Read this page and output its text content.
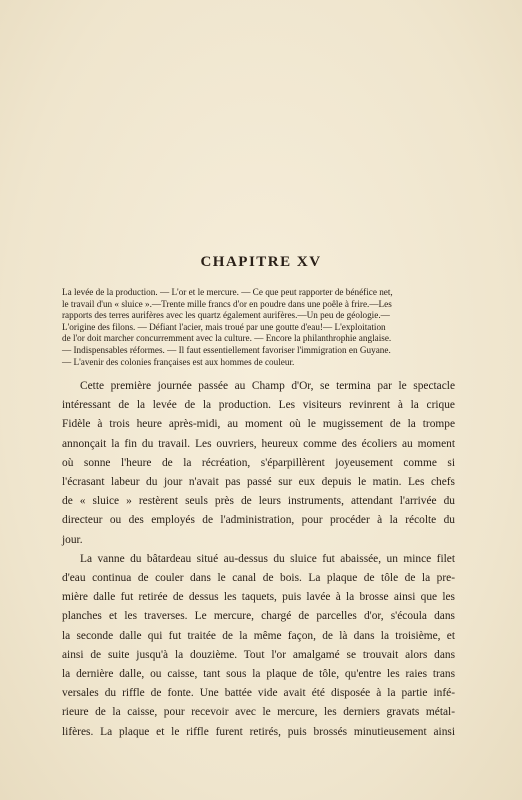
CHAPITRE XV
La levée de la production. — L'or et le mercure. — Ce que peut rapporter de bénéfice net,
le travail d'un « sluice ».—Trente mille francs d'or en poudre dans une poêle à frire.—Les
rapports des terres aurifères avec les quartz également aurifères.—Un peu de géologie.—
L'origine des filons. — Défiant l'acier, mais troué par une goutte d'eau!— L'exploitation
de l'or doit marcher concurremment avec la culture. — Encore la philanthrophie anglaise.
— Indispensables réformes. — Il faut essentiellement favoriser l'immigration en Guyane.
— L'avenir des colonies françaises est aux hommes de couleur.
Cette première journée passée au Champ d'Or, se termina par le spectacle
intéressant de la levée de la production. Les visiteurs revinrent à la crique
Fidèle à trois heure après-midi, au moment où le mugissement de la trompe
annonçait la fin du travail. Les ouvriers, heureux comme des écoliers au moment
où sonne l'heure de la récréation, s'éparpillèrent joyeusement comme si
l'écrasant labeur du jour n'avait pas passé sur eux depuis le matin. Les chefs
de « sluice » restèrent seuls près de leurs instruments, attendant l'arrivée du
directeur ou des employés de l'administration, pour procéder à la récolte du
jour.
La vanne du bâtardeau situé au-dessus du sluice fut abaissée, un mince filet
d'eau continua de couler dans le canal de bois. La plaque de tôle de la pre-
mière dalle fut retirée de dessus les taquets, puis lavée à la brosse ainsi que les
planches et les traverses. Le mercure, chargé de parcelles d'or, s'écoula dans
la seconde dalle qui fut traitée de la même façon, de là dans la troisième, et
ainsi de suite jusqu'à la douzième. Tout l'or amalgamé se trouvait alors dans
la dernière dalle, ou caisse, tant sous la plaque de tôle, qu'entre les raies trans
versales du riffle de fonte. Une battée vide avait été disposée à la partie infé-
rieure de la caisse, pour recevoir avec le mercure, les derniers gravats métal-
lifères. La plaque et le riffle furent retirés, puis brossés minutieusement ainsi
